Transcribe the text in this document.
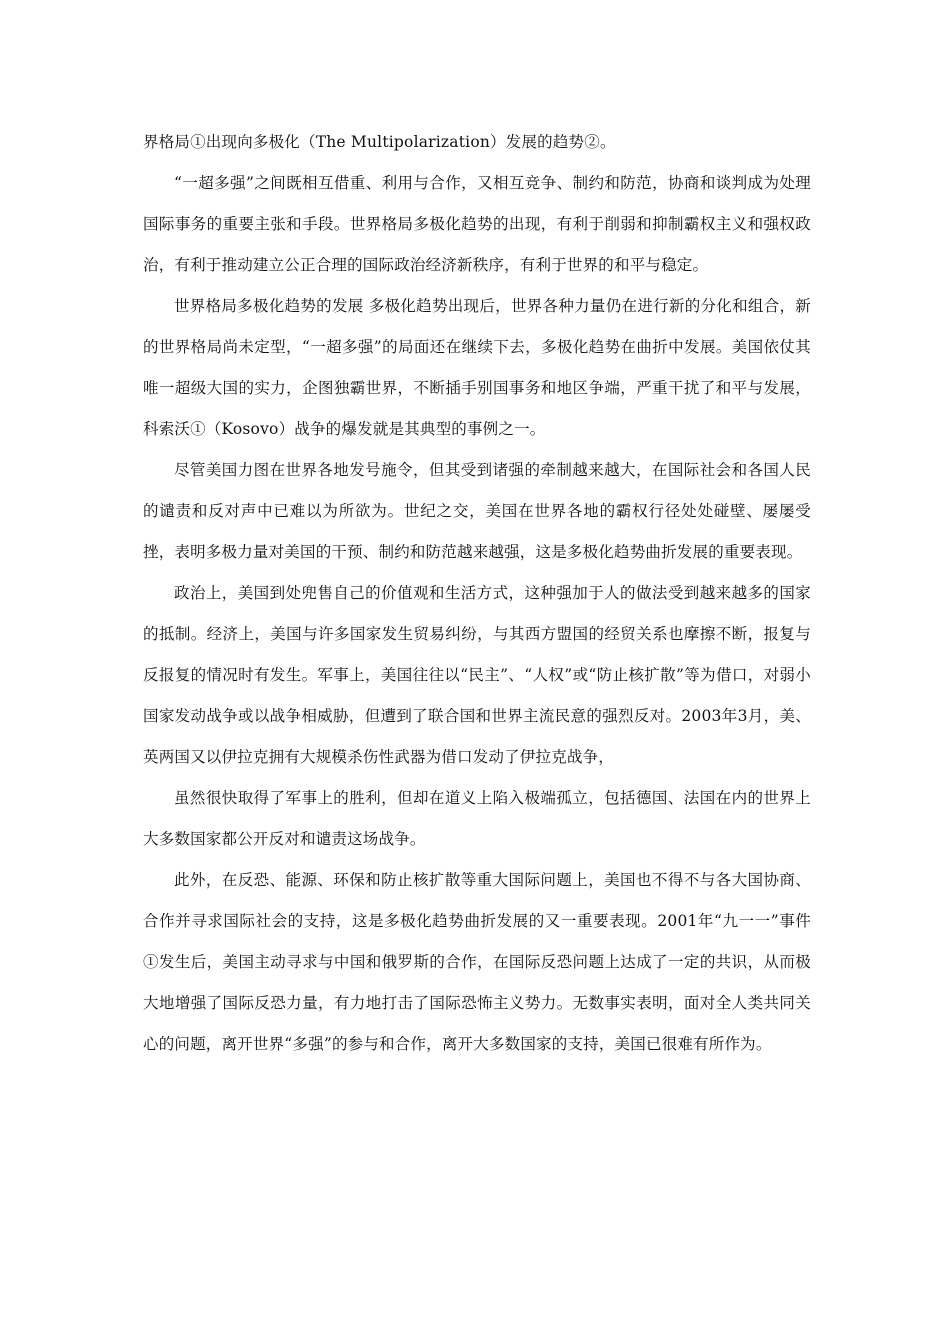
界格局①出现向多极化（The Multipolarization）发展的趋势②。

“一超多强”之间既相互借重、利用与合作，又相互竞争、制约和防范，协商和谈判成为处理国际事务的重要主张和手段。世界格局多极化趋势的出现，有利于削弱和抑制霸权主义和强权政治，有利于推动建立公正合理的国际政治经济新秩序，有利于世界的和平与稳定。

世界格局多极化趋势的发展 多极化趋势出现后，世界各种力量仍在进行新的分化和组合，新的世界格局尚未定型，“一超多强”的局面还在继续下去，多极化趋势在曲折中发展。美国依仗其唯一超级大国的实力，企图独霸世界，不断插手别国事务和地区争端，严重干扰了和平与发展，科索沃①（Kosovo）战争的爆发就是其典型的事例之一。

尽管美国力图在世界各地发号施令，但其受到诸强的牵制越来越大，在国际社会和各国人民的谴责和反对声中已难以为所欲为。世纪之交，美国在世界各地的霸权行径处处碰壁、屡屡受挫，表明多极力量对美国的干预、制约和防范越来越强，这是多极化趋势曲折发展的重要表现。

政治上，美国到处兜售自己的价值观和生活方式，这种强加于人的做法受到越来越多的国家的抵制。经济上，美国与许多国家发生贸易纠纷，与其西方盟国的经贸关系也摩擦不断，报复与反报复的情况时有发生。军事上，美国往往以“民主”、“人权”或“防止核扩散”等为借口，对弱小国家发动战争或以战争相威胁，但遭到了联合国和世界主流民意的强烈反对。2003年3月，美、英两国又以伊拉克拥有大规模杀伤性武器为借口发动了伊拉克战争，

虽然很快取得了军事上的胜利，但却在道义上陷入极端孤立，包括德国、法国在内的世界上大多数国家都公开反对和谴责这场战争。

此外，在反恐、能源、环保和防止核扩散等重大国际问题上，美国也不得不与各大国协商、合作并寻求国际社会的支持，这是多极化趋势曲折发展的又一重要表现。2001年“九一一”事件①发生后，美国主动寻求与中国和俄罗斯的合作，在国际反恐问题上达成了一定的共识，从而极大地增强了国际反恐力量，有力地打击了国际恐怖主义势力。无数事实表明，面对全人类共同关心的问题，离开世界“多强”的参与和合作，离开大多数国家的支持，美国已很难有所作为。
